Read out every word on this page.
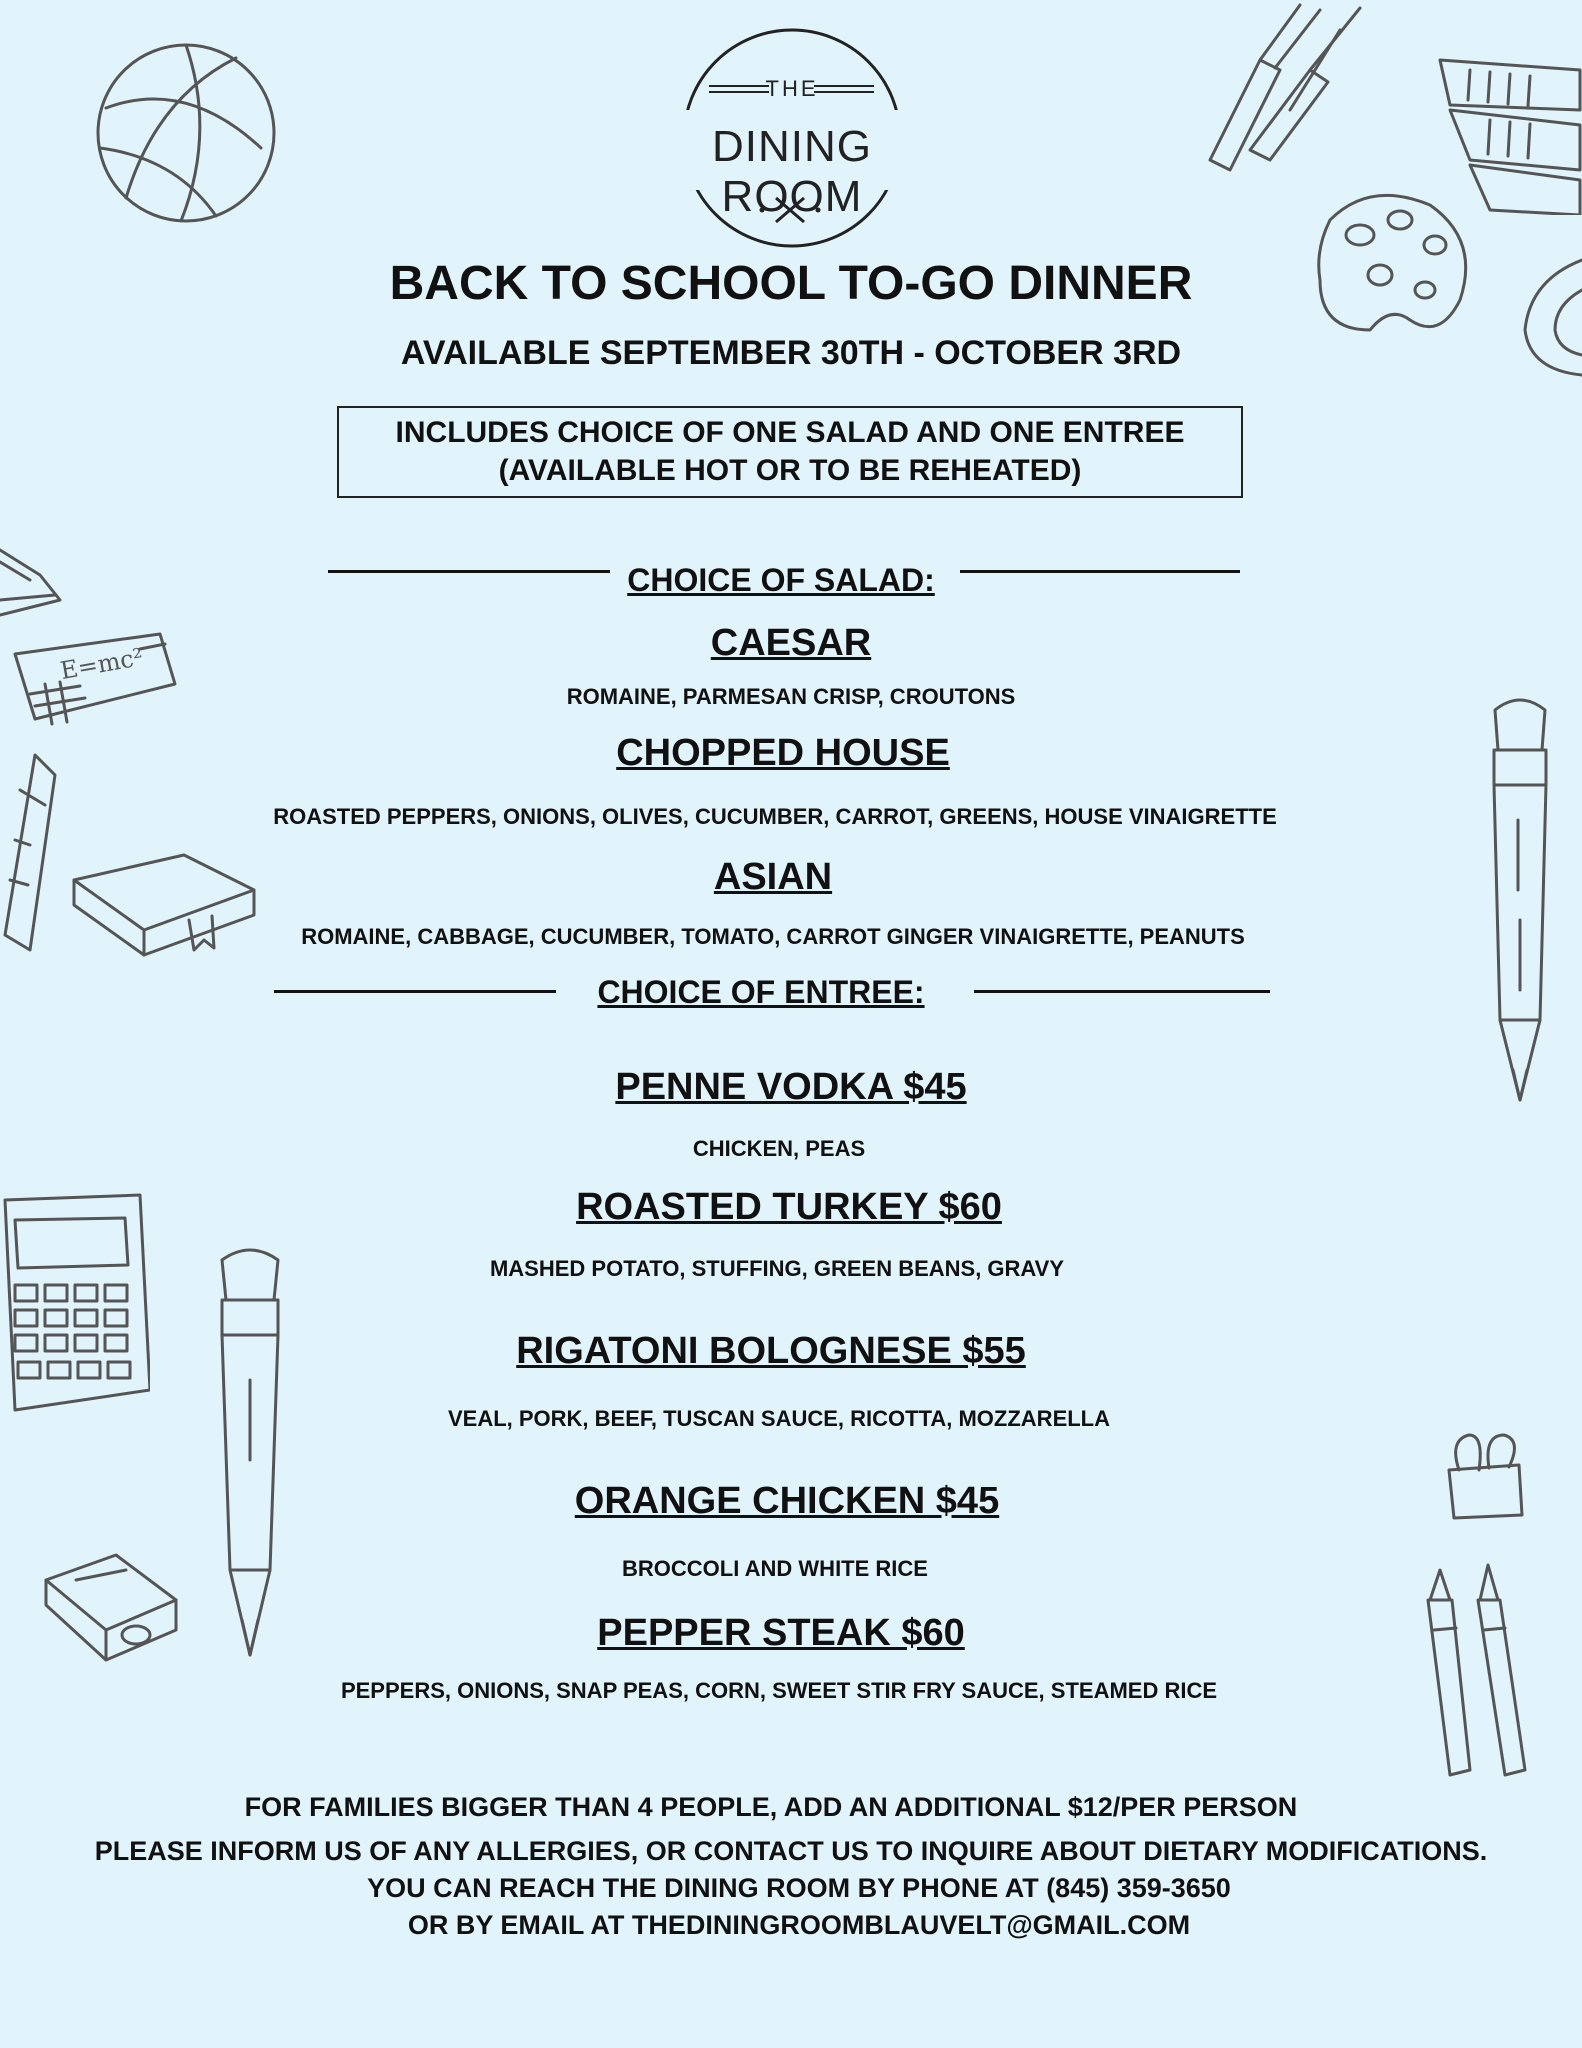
E=mc²
THE
DINING ROOM
BACK TO SCHOOL TO-GO DINNER
AVAILABLE SEPTEMBER 30TH - OCTOBER 3RD
INCLUDES CHOICE OF ONE SALAD AND ONE ENTREE
(AVAILABLE HOT OR TO BE REHEATED)
CHOICE OF SALAD:
CAESAR
ROMAINE, PARMESAN CRISP, CROUTONS
CHOPPED HOUSE
ROASTED PEPPERS, ONIONS, OLIVES, CUCUMBER, CARROT, GREENS, HOUSE VINAIGRETTE
ASIAN
ROMAINE, CABBAGE, CUCUMBER, TOMATO, CARROT GINGER VINAIGRETTE, PEANUTS
CHOICE OF ENTREE:
PENNE VODKA $45
CHICKEN, PEAS
ROASTED TURKEY $60
MASHED POTATO, STUFFING, GREEN BEANS, GRAVY
RIGATONI BOLOGNESE $55
VEAL, PORK, BEEF, TUSCAN SAUCE, RICOTTA, MOZZARELLA
ORANGE CHICKEN $45
BROCCOLI AND WHITE RICE
PEPPER STEAK $60
PEPPERS, ONIONS, SNAP PEAS, CORN, SWEET STIR FRY SAUCE, STEAMED RICE
FOR FAMILIES BIGGER THAN 4 PEOPLE, ADD AN ADDITIONAL $12/PER PERSON
PLEASE INFORM US OF ANY ALLERGIES, OR CONTACT US TO INQUIRE ABOUT DIETARY MODIFICATIONS.
YOU CAN REACH THE DINING ROOM BY PHONE AT (845) 359-3650
OR BY EMAIL AT THEDININGROOMBLAUVELT@GMAIL.COM
